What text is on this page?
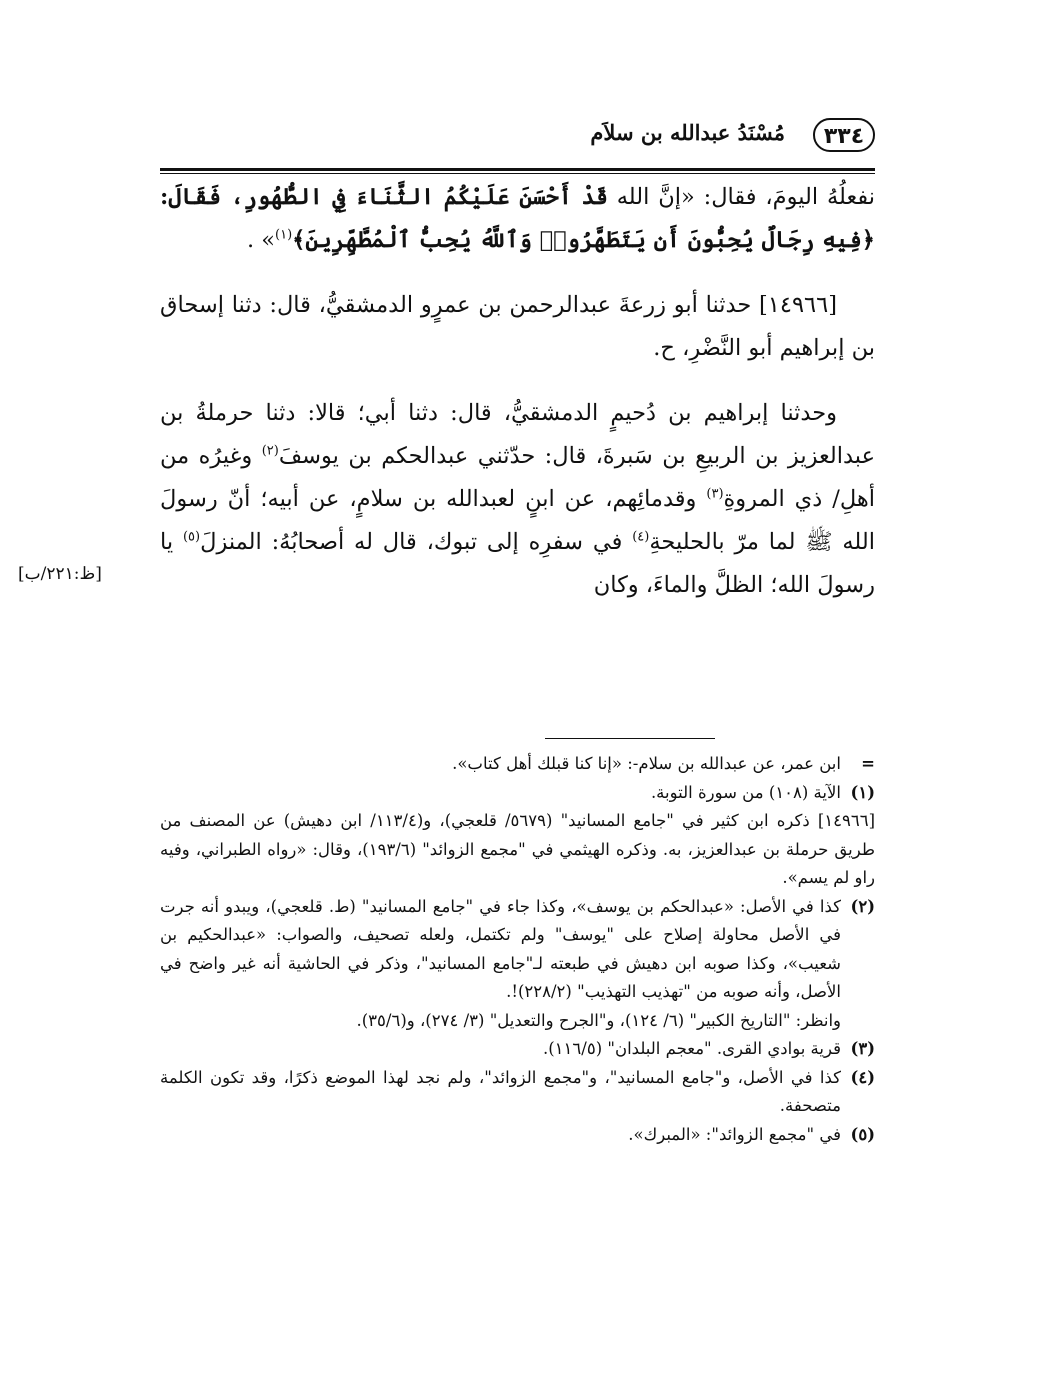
٣٣٤
مُسْنَدُ عبدالله بن سلاَم

نفعلُهُ اليومَ، فقال: «إنَّ الله قَدْ أَحْسَنَ عَلَيْكُمُ الثَّنَاءَ فِي الطُّهُورِ، فَقَالَ: ﴿فِيهِ رِجَالٌ يُحِبُّونَ أَن يَتَطَهَّرُوا۟ وَٱللَّهُ يُحِبُّ ٱلْمُطَّهِّرِينَ﴾$^{(١)}$» .

[١٤٩٦٦] حدثنا أبو زرعةَ عبدالرحمن بن عمرٍو الدمشقيُّ، قال: دثنا إسحاق بن إبراهيم أبو النَّضْرِ، ح.

وحدثنا إبراهيم بن دُحيمٍ الدمشقيُّ، قال: دثنا أبي؛ قالا: دثنا حرملةُ بن عبدالعزيز بن الربيعِ بن سَبرةَ، قال: حدّثني عبدالحكم بن يوسفَ$^{(٢)}$ وغيرُه من أهلِ/ ذي المروةِ$^{(٣)}$ وقدمائِهم، عن ابنٍ لعبدالله بن سلامٍ، عن أبيه؛ أنّ رسولَ الله ﷺ لما مرّ بالحليحةِ$^{(٤)}$ في سفرِه إلى تبوك، قال له أصحابُهُ: المنزلَ$^{(٥)}$ يا رسولَ الله؛ الظلَّ والماءَ، وكان

=
ابن عمر، عن عبدالله بن سلام-: «إنا كنا قبلك أهل كتاب».

(١)
الآية (١٠٨) من سورة التوبة.

[١٤٩٦٦] ذكره ابن كثير في "جامع المسانيد" (٥٦٧٩/ قلعجي)، و(١١٣/٤/ ابن دهيش) عن المصنف من طريق حرملة بن عبدالعزيز، به. وذكره الهيثمي في "مجمع الزوائد" (١٩٣/٦)، وقال: «رواه الطبراني، وفيه راو لم يسم».

(٢)
كذا في الأصل: «عبدالحكم بن يوسف»، وكذا جاء في "جامع المسانيد" (ط. قلعجي)، ويبدو أنه جرت في الأصل محاولة إصلاح على "يوسف" ولم تكتمل، ولعله تصحيف، والصواب: «عبدالحكيم بن شعيب»، وكذا صوبه ابن دهيش في طبعته لـ"جامع المسانيد"، وذكر في الحاشية أنه غير واضح في الأصل، وأنه صوبه من "تهذيب التهذيب" (٢٢٨/٢)!.

وانظر: "التاريخ الكبير" (٦/ ١٢٤)، و"الجرح والتعديل" (٣/ ٢٧٤)، و(٣٥/٦).

(٣)
قرية بوادي القرى. "معجم البلدان" (١١٦/٥).

(٤)
كذا في الأصل، و"جامع المسانيد"، و"مجمع الزوائد"، ولم نجد لهذا الموضع ذكرًا، وقد تكون الكلمة متصحفة.

(٥)
في "مجمع الزوائد": «المبرك».

[ظ:٢٢١/ب]
